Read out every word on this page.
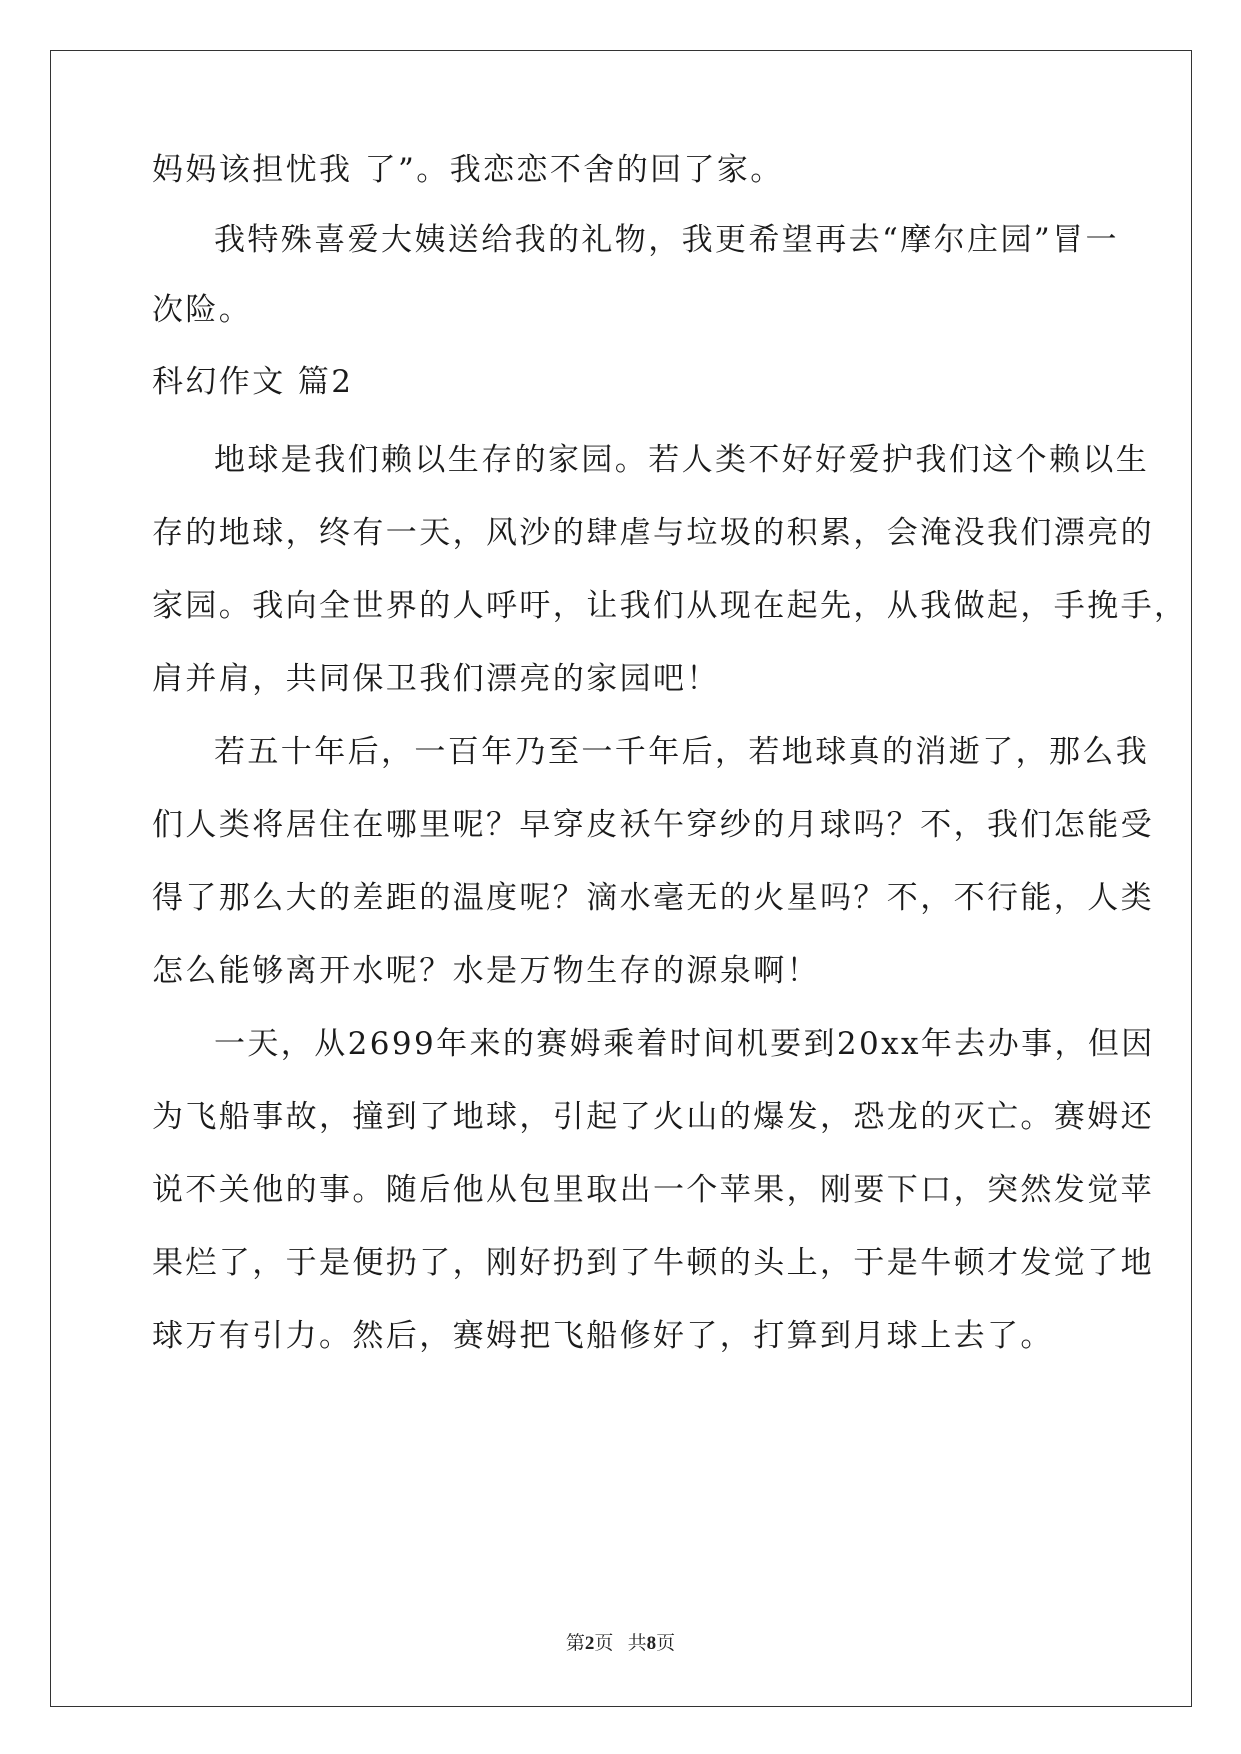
妈妈该担忧我 了”。我恋恋不舍的回了家。
我特殊喜爱大姨送给我的礼物，我更希望再去“摩尔庄园”冒一
次险。
科幻作文 篇2
地球是我们赖以生存的家园。若人类不好好爱护我们这个赖以生
存的地球，终有一天，风沙的肆虐与垃圾的积累，会淹没我们漂亮的
家园。我向全世界的人呼吁，让我们从现在起先，从我做起，手挽手，
肩并肩，共同保卫我们漂亮的家园吧！
若五十年后，一百年乃至一千年后，若地球真的消逝了，那么我
们人类将居住在哪里呢？早穿皮袄午穿纱的月球吗？不，我们怎能受
得了那么大的差距的温度呢？滴水毫无的火星吗？不，不行能，人类
怎么能够离开水呢？水是万物生存的源泉啊！
一天，从2699年来的赛姆乘着时间机要到20xx年去办事，但因
为飞船事故，撞到了地球，引起了火山的爆发，恐龙的灭亡。赛姆还
说不关他的事。随后他从包里取出一个苹果，刚要下口，突然发觉苹
果烂了，于是便扔了，刚好扔到了牛顿的头上，于是牛顿才发觉了地
球万有引力。然后，赛姆把飞船修好了，打算到月球上去了。
第2页   共8页
